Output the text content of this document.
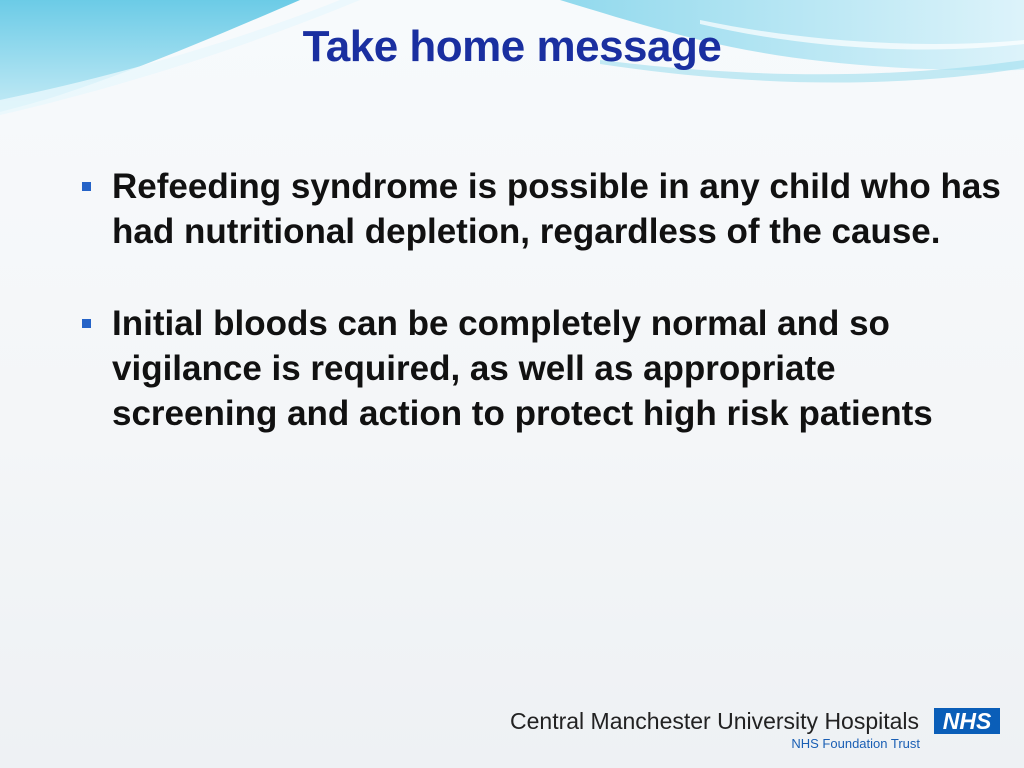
Take home message
Refeeding syndrome is possible in any child who has had nutritional depletion, regardless of the cause.
Initial bloods can be completely normal and so vigilance is required, as well as appropriate screening and action to protect high risk patients
Central Manchester University Hospitals
NHS Foundation Trust
NHS
